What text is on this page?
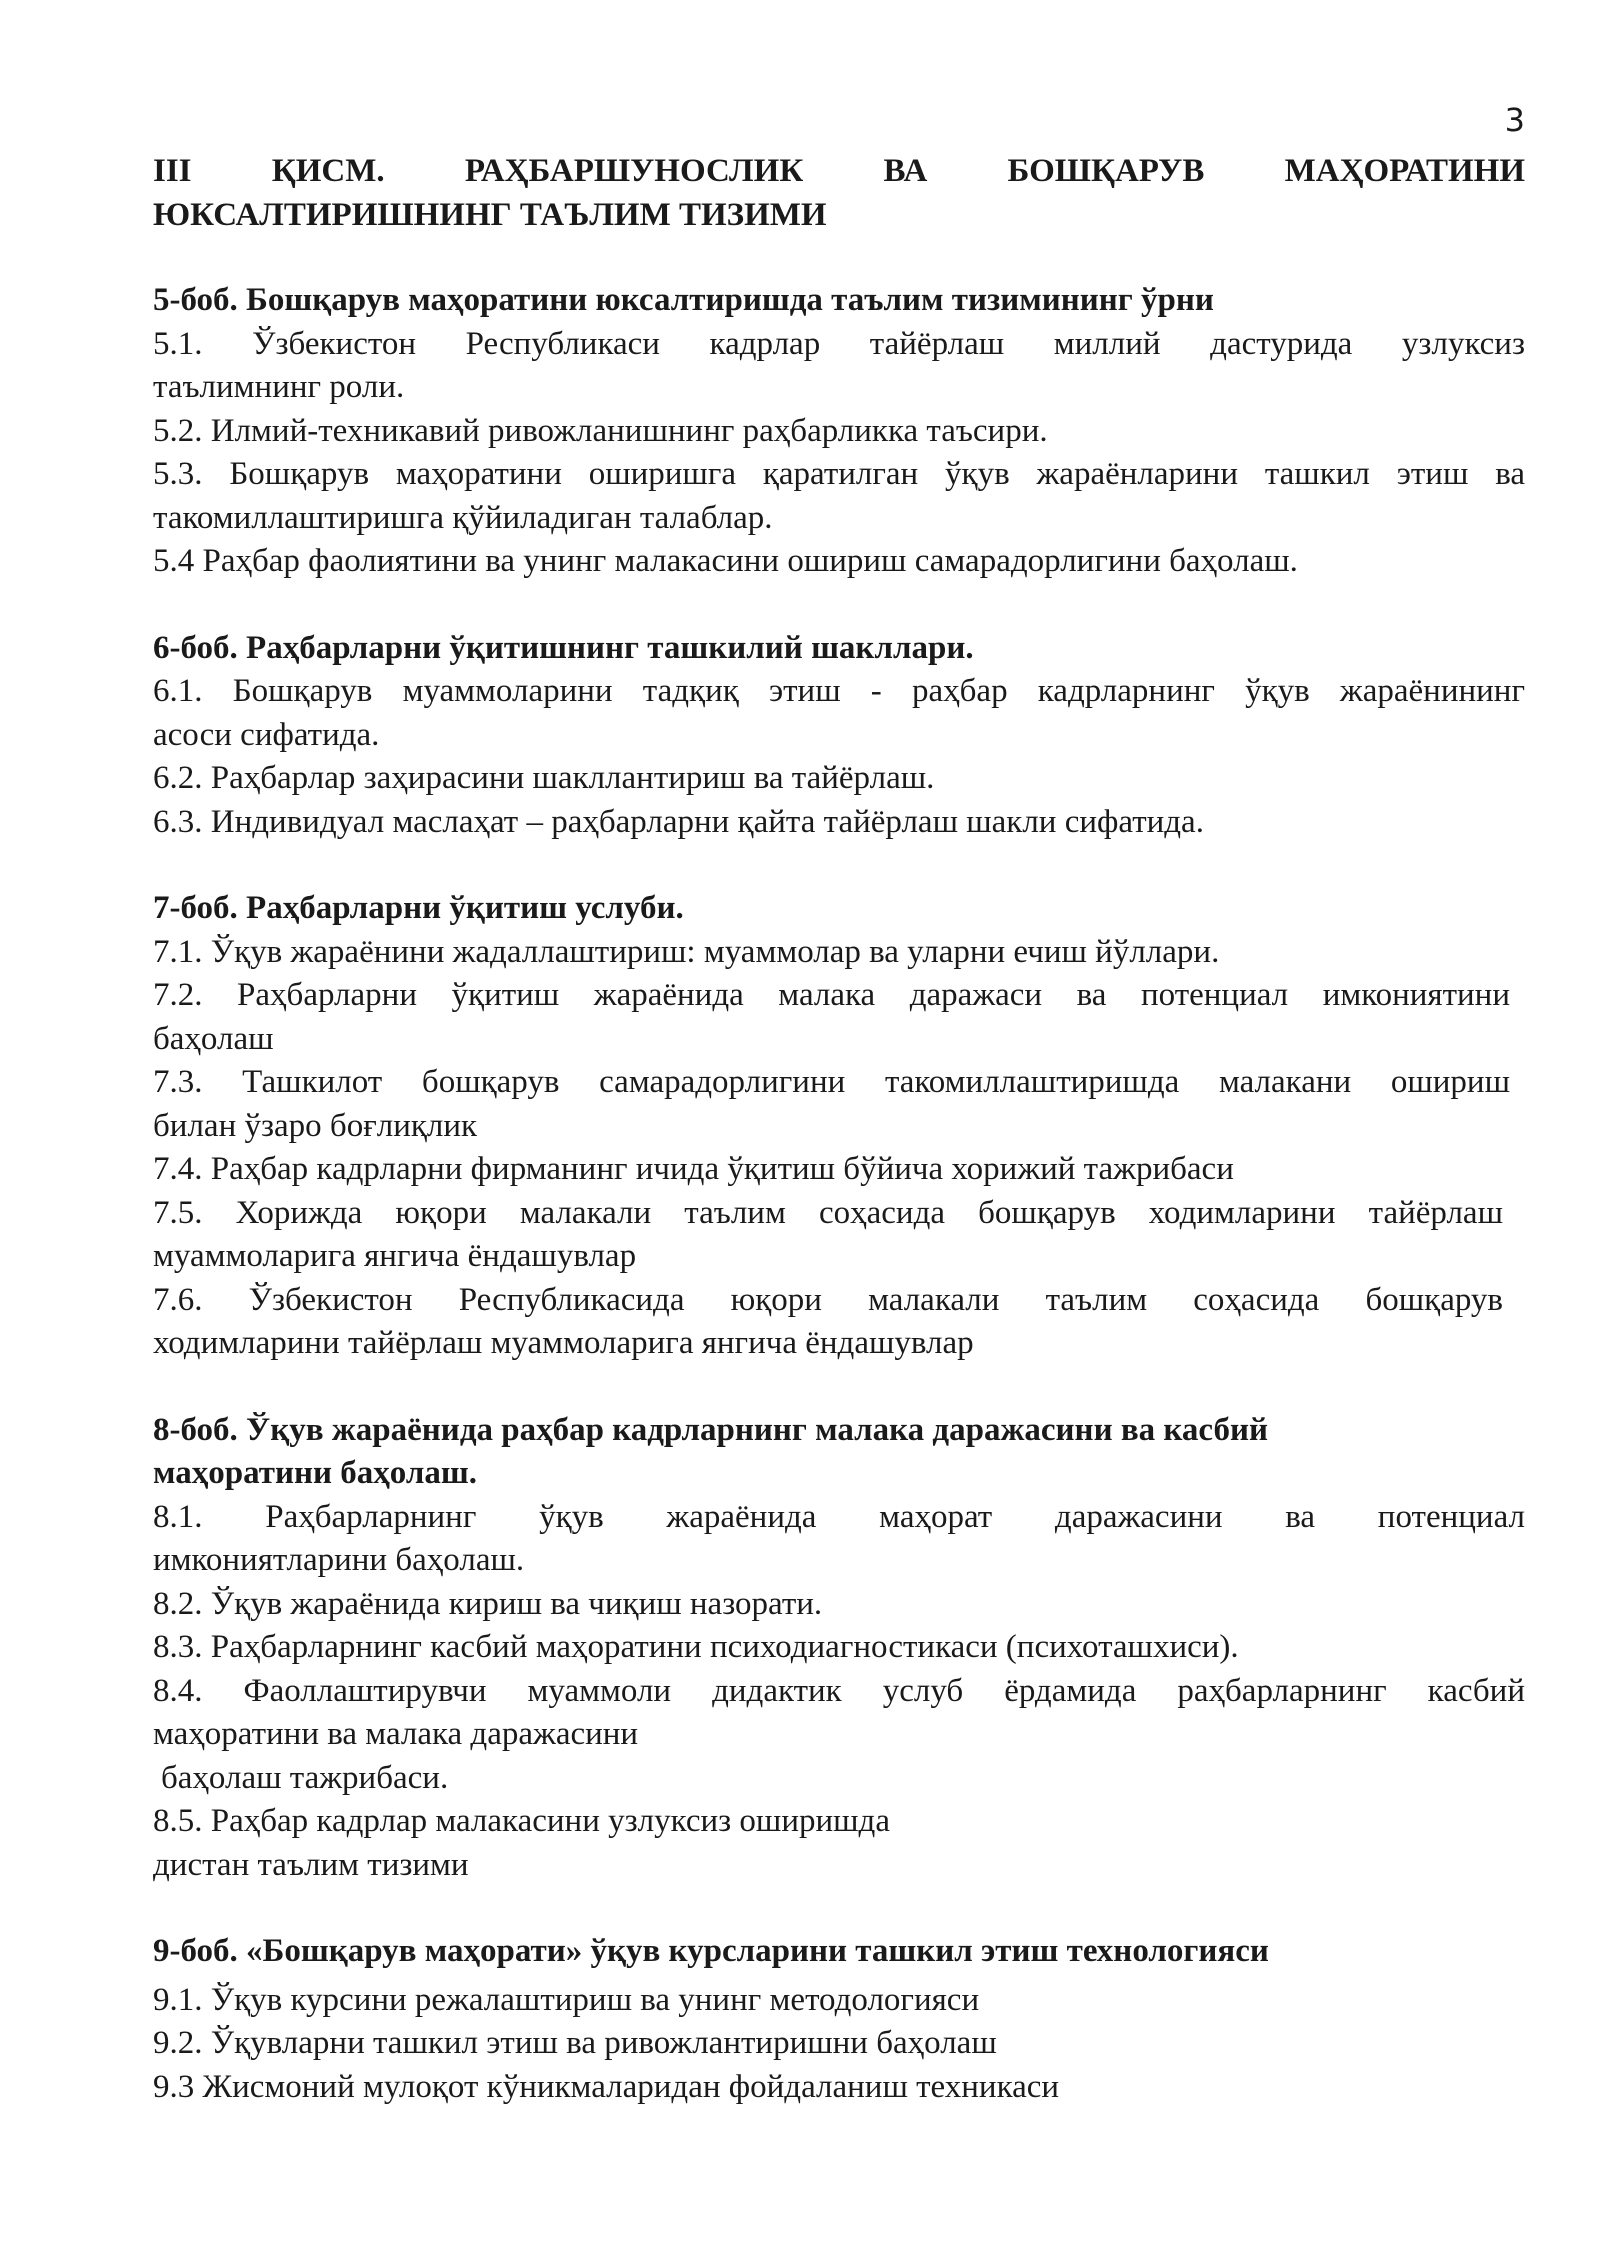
3
III ҚИСМ. РАҲБАРШУНОСЛИК ВА БОШҚАРУВ МАҲОРАТИНИ
ЮКСАЛТИРИШНИНГ ТАЪЛИМ ТИЗИМИ
5-боб. Бошқарув маҳоратини юксалтиришда таълим тизимининг ўрни

5.1. Ўзбекистон Республикаси кадрлар тайёрлаш миллий дастурида узлуксиз
таълимнинг роли.

5.2. Илмий-техникавий ривожланишнинг раҳбарликка таъсири.

5.3. Бошқарув маҳоратини оширишга қаратилган ўқув жараёнларини ташкил этиш ва
такомиллаштиришга қўйиладиган талаблар.

5.4 Раҳбар фаолиятини ва унинг малакасини ошириш самарадорлигини баҳолаш.

6-боб. Раҳбарларни ўқитишнинг ташкилий шакллари.

6.1. Бошқарув муаммоларини тадқиқ этиш - раҳбар кадрларнинг ўқув жараёнининг
асоси сифатида.

6.2. Раҳбарлар заҳирасини шакллантириш ва тайёрлаш.

6.3. Индивидуал маслаҳат – раҳбарларни қайта тайёрлаш шакли сифатида.

7-боб. Раҳбарларни ўқитиш услуби.

7.1. Ўқув жараёнини жадаллаштириш: муаммолар ва уларни ечиш йўллари.

7.2. Раҳбарларни ўқитиш жараёнида малака даражаси ва потенциал имкониятини
баҳолаш

7.3. Ташкилот бошқарув самарадорлигини такомиллаштиришда малакани ошириш
билан ўзаро боғлиқлик

7.4. Раҳбар кадрларни фирманинг ичида ўқитиш бўйича хорижий тажрибаси

7.5. Хорижда юқори малакали таълим соҳасида бошқарув ходимларини тайёрлаш
муаммоларига янгича ёндашувлар

7.6. Ўзбекистон Республикасида юқори малакали таълим соҳасида бошқарув
ходимларини тайёрлаш муаммоларига янгича ёндашувлар

8-боб. Ўқув жараёнида раҳбар кадрларнинг малака даражасини ва касбий
маҳоратини баҳолаш.

8.1. Раҳбарларнинг ўқув жараёнида маҳорат даражасини ва потенциал
имкониятларини баҳолаш.

8.2. Ўқув жараёнида кириш ва чиқиш назорати.

8.3. Раҳбарларнинг касбий маҳоратини психодиагностикаси (психоташхиси).

8.4. Фаоллаштирувчи муаммоли дидактик услуб ёрдамида раҳбарларнинг касбий
маҳоратини ва малака даражасини
баҳолаш тажрибаси.

8.5. Раҳбар кадрлар малакасини узлуксиз оширишда
дистан таълим тизими

9-боб. «Бошқарув маҳорати» ўқув курсларини ташкил этиш технологияси

9.1. Ўқув курсини режалаштириш ва унинг методологияси

9.2. Ўқувларни ташкил этиш ва ривожлантиришни баҳолаш

9.3 Жисмоний мулоқот кўникмаларидан фойдаланиш техникаси
